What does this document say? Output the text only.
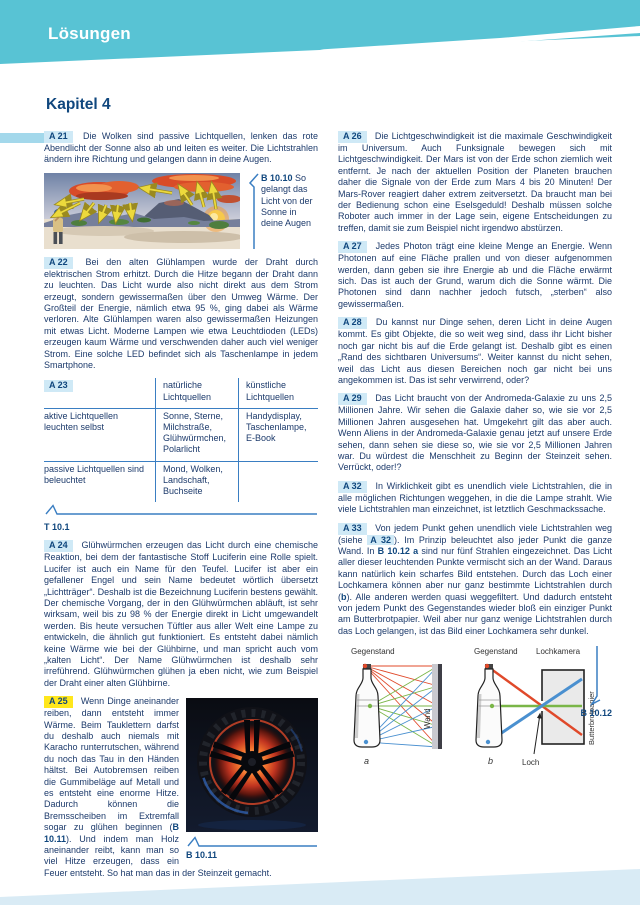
Lösungen
Kapitel 4

A 21 Die Wolken sind passive Lichtquellen, lenken das rote Abendlicht der Sonne also ab und leiten es weiter. Die Lichtstrahlen ändern ihre Richtung und gelangen dann in deine Augen.

B 10.10 So gelangt das Licht von der Sonne in deine Augen

A 22 Bei den alten Glühlampen wurde der Draht durch elektrischen Strom erhitzt. Durch die Hitze begann der Draht dann zu leuchten. Das Licht wurde also nicht direkt aus dem Strom erzeugt, sondern gewissermaßen über den Umweg Wärme. Der Großteil der Energie, nämlich etwa 95 %, ging dabei als Wärme verloren. Alte Glühlampen waren also gewissermaßen Heizungen mit etwas Licht. Moderne Lampen wie etwa Leuchtdioden (LEDs) erzeugen kaum Wärme und verschwenden daher auch viel weniger Strom. Eine solche LED befindet sich als Taschenlampe in jedem Smartphone.

A 23	natürliche Lichtquellen
künstliche Lichtquellen
aktive Lichtquellen leuchten selbst
Sonne, Sterne, Milchstraße, Glühwürmchen, Polarlicht
Handydisplay, Taschenlampe, E-Book
passive Lichtquellen sind beleuchtet
Mond, Wolken, Landschaft, Buchseite
T 10.1

A 24 Glühwürmchen erzeugen das Licht durch eine chemische Reaktion, bei dem der fantastische Stoff Luciferin eine Rolle spielt. Lucifer ist auch ein Name für den Teufel. Lucifer ist aber ein gefallener Engel und sein Name bedeutet wörtlich übersetzt „Lichtträger“. Deshalb ist die Bezeichnung Luciferin bestens gewählt. Der chemische Vorgang, der in den Glühwürmchen abläuft, ist sehr wirksam, weil bis zu 98 % der Energie direkt in Licht umgewandelt werden. Bis heute versuchen Tüftler aus aller Welt eine Lampe zu entwickeln, die ähnlich gut funktioniert. Es entsteht dabei nämlich keine Wärme wie bei der Glühbirne, und man spricht auch vom „kalten Licht“. Der Name Glühwürmchen ist deshalb sehr irreführend. Glühwürmchen glühen ja eben nicht, wie zum Beispiel der Draht einer alten Glühbirne.

B 10.11
A 25 Wenn Dinge aneinander reiben, dann entsteht immer Wärme. Beim Tauklettern darfst du deshalb auch niemals mit Karacho runterrutschen, während du noch das Tau in den Händen hältst. Bei Autobremsen reiben die Gummibeläge auf Metall und es entsteht eine enorme Hitze. Dadurch können die Bremsscheiben im Extremfall sogar zu glühen beginnen (B 10.11). Und indem man Holz aneinander reibt, kann man so viel Hitze erzeugen, dass ein Feuer entsteht. So hat man das in der Steinzeit gemacht.

A 26 Die Lichtgeschwindigkeit ist die maximale Geschwindigkeit im Universum. Auch Funksignale bewegen sich mit Lichtgeschwindigkeit. Der Mars ist von der Erde schon ziemlich weit entfernt. Je nach der aktuellen Position der Planeten brauchen daher die Signale von der Erde zum Mars 4 bis 20 Minuten! Der Mars-Rover reagiert daher extrem zeitversetzt. Da braucht man bei der Bedienung schon eine Eselsgeduld! Deshalb müssen solche Roboter auch immer in der Lage sein, eigene Entscheidungen zu treffen, damit sie zum Beispiel nicht irgendwo abstürzen.

A 27 Jedes Photon trägt eine kleine Menge an Energie. Wenn Photonen auf eine Fläche prallen und von dieser aufgenommen werden, dann geben sie ihre Energie ab und die Fläche erwärmt sich. Das ist auch der Grund, warum dich die Sonne wärmt. Die Photonen sind dann nachher jedoch futsch, „sterben“ also gewissermaßen.

A 28 Du kannst nur Dinge sehen, deren Licht in deine Augen kommt. Es gibt Objekte, die so weit weg sind, dass ihr Licht bisher noch gar nicht bis auf die Erde gelangt ist. Deshalb gibt es einen „Rand des sichtbaren Universums“. Weiter kannst du nicht sehen, weil das Licht aus diesen Bereichen noch gar nicht bei uns angekommen ist. Das ist sehr verwirrend, oder?

A 29 Das Licht braucht von der Andromeda-Galaxie zu uns 2,5 Millionen Jahre. Wir sehen die Galaxie daher so, wie sie vor 2,5 Millionen Jahren ausgesehen hat. Umgekehrt gilt das aber auch. Wenn Aliens in der Andromeda-Galaxie genau jetzt auf unsere Erde sehen, dann sehen sie diese so, wie sie vor 2,5 Millionen Jahren war. Du würdest die Menschheit zu Beginn der Steinzeit sehen. Verrückt, oder!?

A 32 In Wirklichkeit gibt es unendlich viele Lichtstrahlen, die in alle möglichen Richtungen weggehen, in die die Lampe strahlt. Wie viele Lichtstrahlen man einzeichnet, ist letztlich Geschmackssache.

A 33 Von jedem Punkt gehen unendlich viele Lichtstrahlen weg (siehe A 32 ). Im Prinzip beleuchtet also jeder Punkt die ganze Wand. In B 10.12 a sind nur fünf Strahlen eingezeichnet. Das Licht aller dieser leuchtenden Punkte vermischt sich an der Wand. Daraus kann natürlich kein scharfes Bild entstehen. Durch das Loch einer Lochkamera können aber nur ganz bestimmte Lichtstrahlen durch (b). Alle anderen werden quasi weggefiltert. Und dadurch entsteht von jedem Punkt des Gegenstandes wieder bloß ein einziger Punkt am Butterbrotpapier. Weil aber nur ganz wenige Lichtstrahlen durch das Loch gelangen, ist das Bild einer Lochkamera sehr dunkel.

Gegenstand
Wand
a
Gegenstand Lochkamera
Loch
Butterbrotpapier
b
B 10.12
